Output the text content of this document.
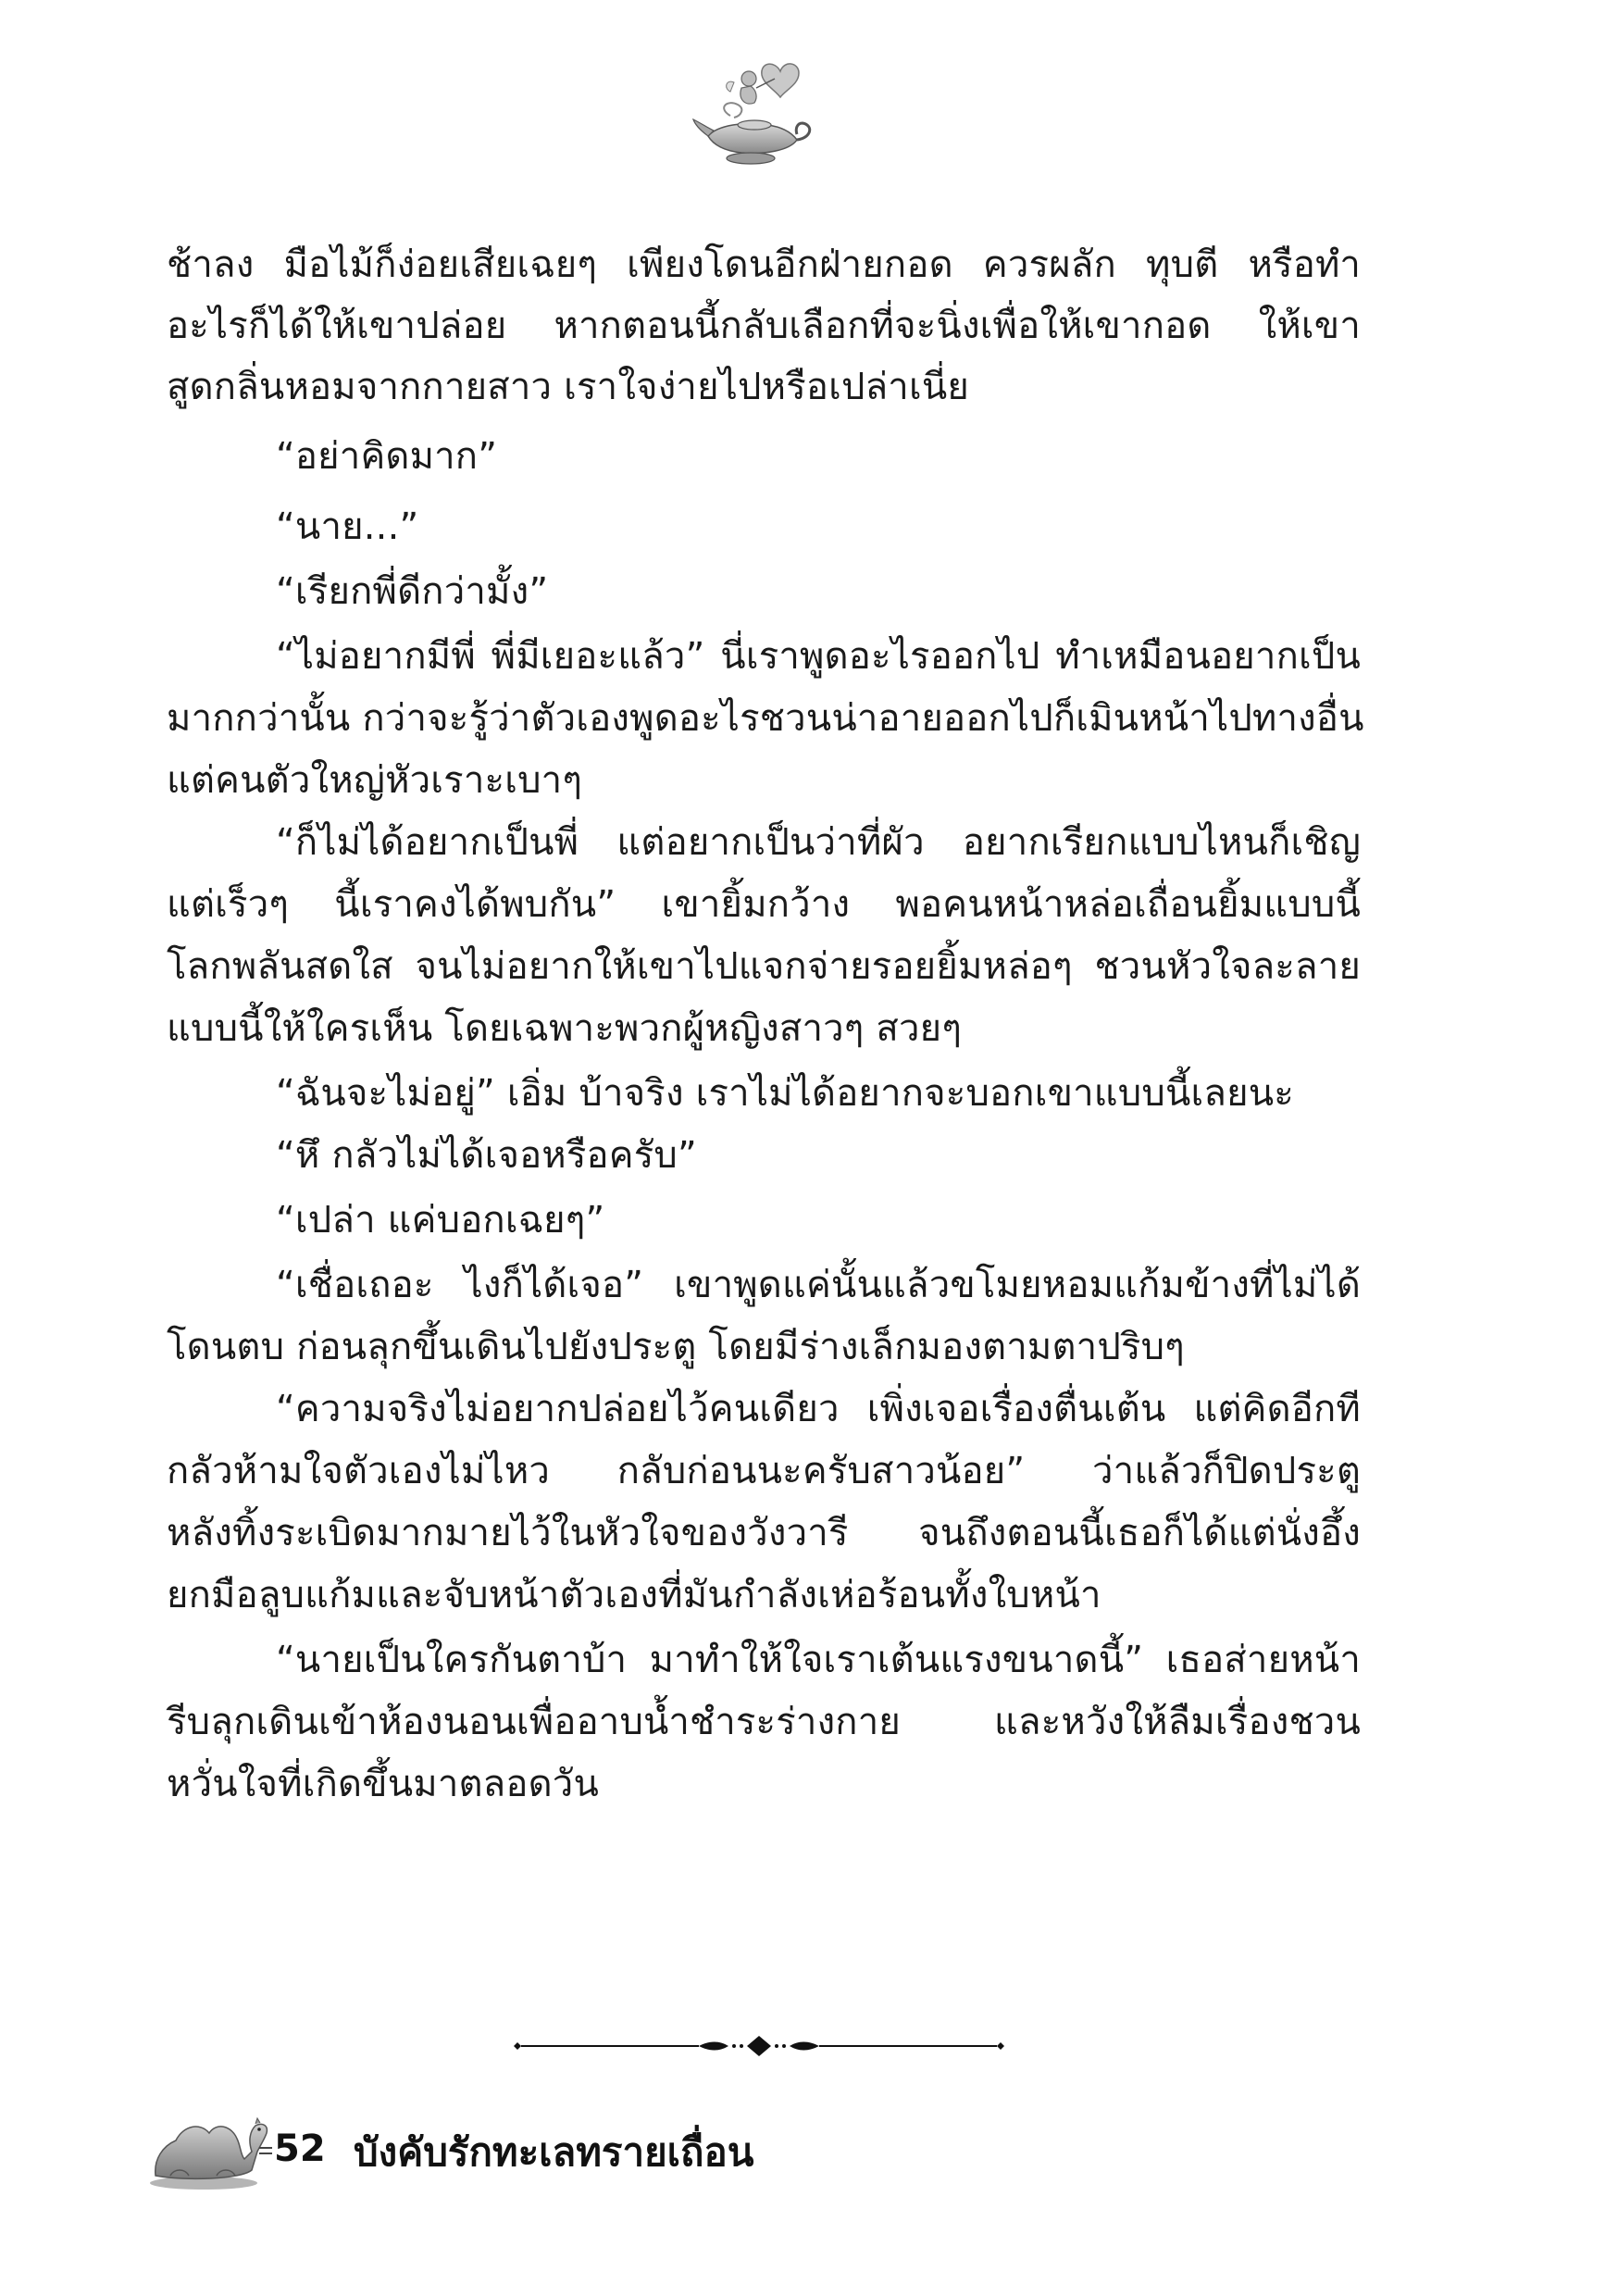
ช้าลง มือไม้ก็ง่อยเสียเฉยๆ เพียงโดนอีกฝ่ายกอด ควรผลัก ทุบตี หรือทำ
อะไรก็ได้ให้เขาปล่อย หากตอนนี้กลับเลือกที่จะนิ่งเพื่อให้เขากอด ให้เขา
สูดกลิ่นหอมจากกายสาว เราใจง่ายไปหรือเปล่าเนี่ย
“อย่าคิดมาก”
“นาย...”
“เรียกพี่ดีกว่ามั้ง”
“ไม่อยากมีพี่ พี่มีเยอะแล้ว” นี่เราพูดอะไรออกไป ทำเหมือนอยากเป็น
มากกว่านั้น กว่าจะรู้ว่าตัวเองพูดอะไรชวนน่าอายออกไปก็เมินหน้าไปทางอื่น
แต่คนตัวใหญ่หัวเราะเบาๆ
“ก็ไม่ได้อยากเป็นพี่ แต่อยากเป็นว่าที่ผัว อยากเรียกแบบไหนก็เชิญ
แต่เร็วๆ นี้เราคงได้พบกัน” เขายิ้มกว้าง พอคนหน้าหล่อเถื่อนยิ้มแบบนี้
โลกพลันสดใส จนไม่อยากให้เขาไปแจกจ่ายรอยยิ้มหล่อๆ ชวนหัวใจละลาย
แบบนี้ให้ใครเห็น โดยเฉพาะพวกผู้หญิงสาวๆ สวยๆ
“ฉันจะไม่อยู่” เอิ่ม บ้าจริง เราไม่ได้อยากจะบอกเขาแบบนี้เลยนะ
“หึ กลัวไม่ได้เจอหรือครับ”
“เปล่า แค่บอกเฉยๆ”
“เชื่อเถอะ ไงก็ได้เจอ” เขาพูดแค่นั้นแล้วขโมยหอมแก้มข้างที่ไม่ได้
โดนตบ ก่อนลุกขึ้นเดินไปยังประตู โดยมีร่างเล็กมองตามตาปริบๆ
“ความจริงไม่อยากปล่อยไว้คนเดียว เพิ่งเจอเรื่องตื่นเต้น แต่คิดอีกที
กลัวห้ามใจตัวเองไม่ไหว กลับก่อนนะครับสาวน้อย” ว่าแล้วก็ปิดประตู
หลังทิ้งระเบิดมากมายไว้ในหัวใจของวังวารี จนถึงตอนนี้เธอก็ได้แต่นั่งอึ้ง
ยกมือลูบแก้มและจับหน้าตัวเองที่มันกำลังเห่อร้อนทั้งใบหน้า
“นายเป็นใครกันตาบ้า มาทำให้ใจเราเต้นแรงขนาดนี้” เธอส่ายหน้า
รีบลุกเดินเข้าห้องนอนเพื่ออาบน้ำชำระร่างกาย และหวังให้ลืมเรื่องชวน
หวั่นใจที่เกิดขึ้นมาตลอดวัน
52 บังคับรักทะเลทรายเถื่อน
